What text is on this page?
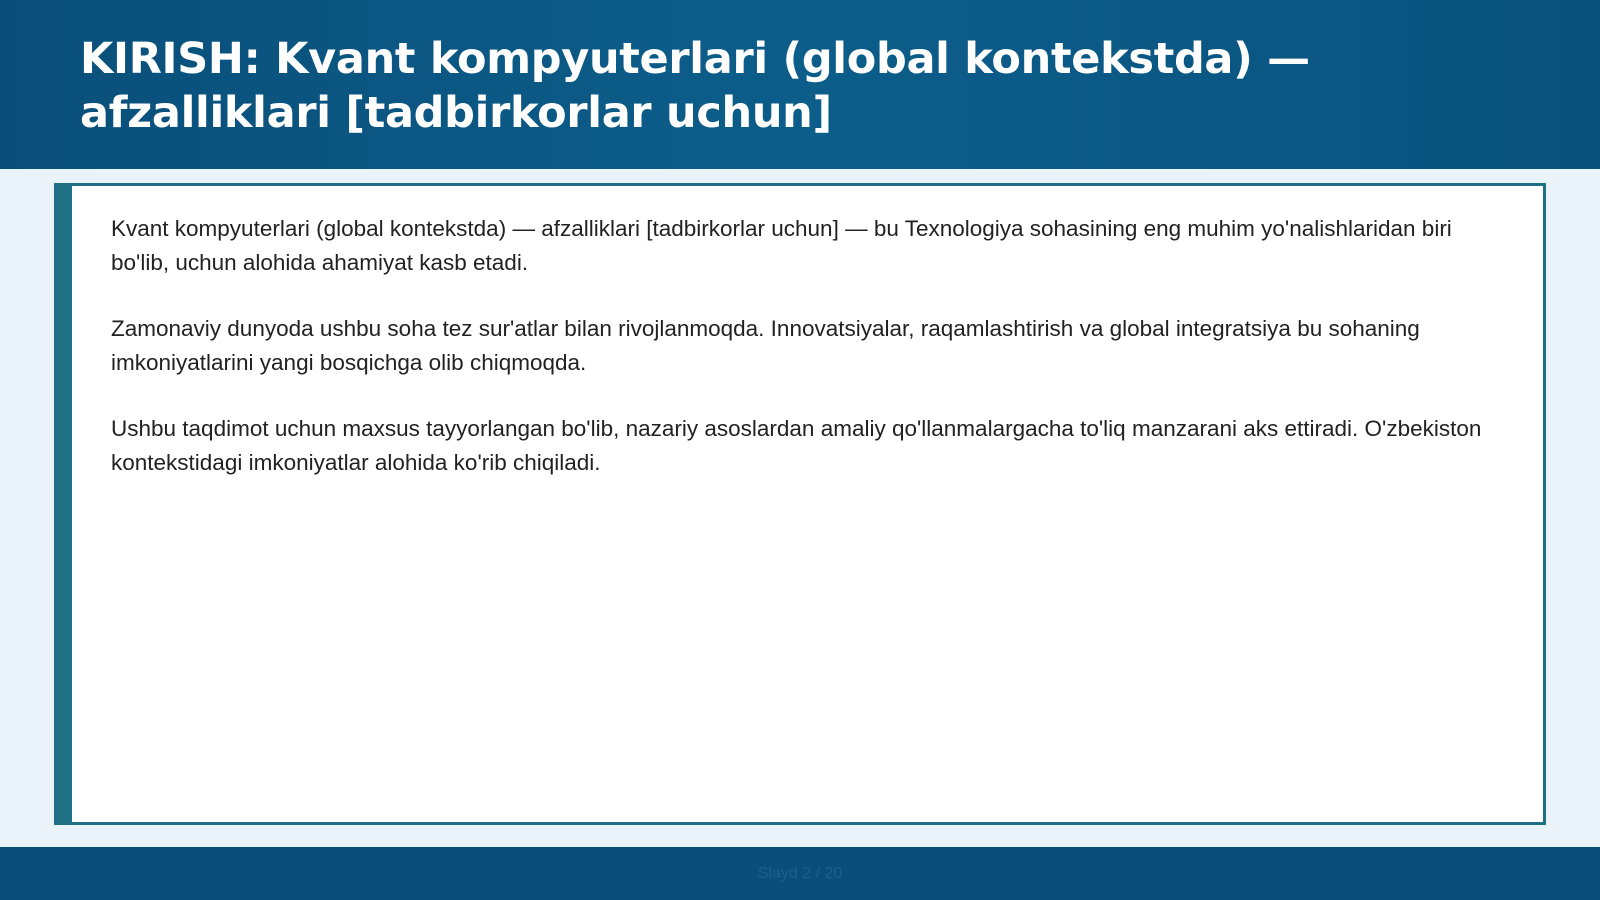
KIRISH: Kvant kompyuterlari (global kontekstda) — afzalliklari [tadbirkorlar uchun]

Kvant kompyuterlari (global kontekstda) — afzalliklari [tadbirkorlar uchun] — bu Texnologiya sohasining eng muhim yo'nalishlaridan biri bo'lib, uchun alohida ahamiyat kasb etadi.

Zamonaviy dunyoda ushbu soha tez sur'atlar bilan rivojlanmoqda. Innovatsiyalar, raqamlashtirish va global integratsiya bu sohaning imkoniyatlarini yangi bosqichga olib chiqmoqda.

Ushbu taqdimot uchun maxsus tayyorlangan bo'lib, nazariy asoslardan amaliy qo'llanmalargacha to'liq manzarani aks ettiradi. O'zbekiston kontekstidagi imkoniyatlar alohida ko'rib chiqiladi.

Slayd 2 / 20
